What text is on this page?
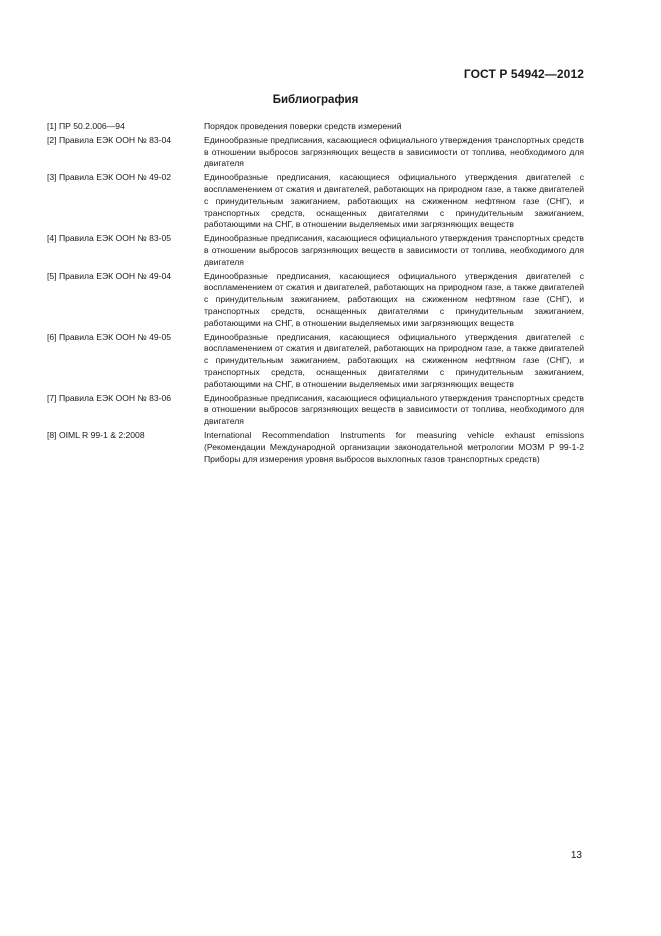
ГОСТ Р 54942—2012
Библиография
[1] ПР 50.2.006—94	Порядок проведения поверки средств измерений
[2] Правила ЕЭК ООН № 83-04	Единообразные предписания, касающиеся официального утверждения транспортных средств в отношении выбросов загрязняющих веществ в зависимости от топлива, необходимого для двигателя
[3] Правила ЕЭК ООН № 49-02	Единообразные предписания, касающиеся официального утверждения двигателей с воспламенением от сжатия и двигателей, работающих на природном газе, а также двигателей с принудительным зажиганием, работающих на сжиженном нефтяном газе (СНГ), и транспортных средств, оснащенных двигателями с принудительным зажиганием, работающими на СНГ, в отношении выделяемых ими загрязняющих веществ
[4] Правила ЕЭК ООН № 83-05	Единообразные предписания, касающиеся официального утверждения транспортных средств в отношении выбросов загрязняющих веществ в зависимости от топлива, необходимого для двигателя
[5] Правила ЕЭК ООН № 49-04	Единообразные предписания, касающиеся официального утверждения двигателей с воспламенением от сжатия и двигателей, работающих на природном газе, а также двигателей с принудительным зажиганием, работающих на сжиженном нефтяном газе (СНГ), и транспортных средств, оснащенных двигателями с принудительным зажиганием, работающими на СНГ, в отношении выделяемых ими загрязняющих веществ
[6] Правила ЕЭК ООН № 49-05	Единообразные предписания, касающиеся официального утверждения двигателей с воспламенением от сжатия и двигателей, работающих на природном газе, а также двигателей с принудительным зажиганием, работающих на сжиженном нефтяном газе (СНГ), и транспортных средств, оснащенных двигателями с принудительным зажиганием, работающими на СНГ, в отношении выделяемых ими загрязняющих веществ
[7] Правила ЕЭК ООН № 83-06	Единообразные предписания, касающиеся официального утверждения транспортных средств в отношении выбросов загрязняющих веществ в зависимости от топлива, необходимого для двигателя
[8] OIML R 99-1 & 2:2008	International Recommendation Instruments for measuring vehicle exhaust emissions (Рекомендации Международной организации законодательной метрологии МОЗМ Р 99-1-2 Приборы для измерения уровня выбросов выхлопных газов транспортных средств)
13
